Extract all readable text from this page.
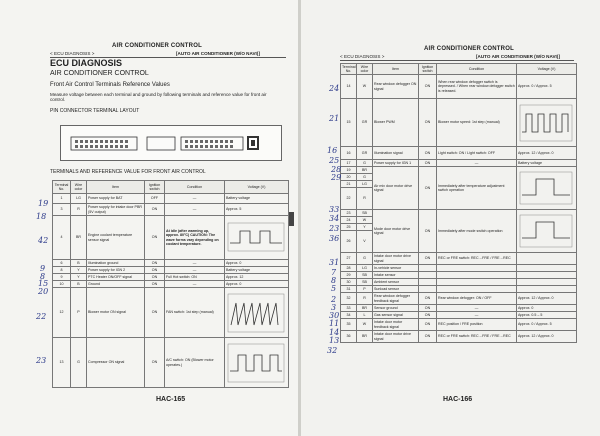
AIR CONDITIONER CONTROL
< ECU DIAGNOSIS >	[AUTO AIR CONDITIONER (W/O NAVI)]
ECU DIAGNOSIS
AIR CONDITIONER CONTROL
Front Air Control Terminals Reference Values
Measure voltage between each terminal and ground by following terminals and reference value for front air control.
PIN CONNECTOR TERMINAL LAYOUT
TERMINALS AND REFERENCE VALUE FOR FRONT AIR CONTROL
Terminal No.	Wire color	Item	Ignition switch	Condition	Voltage (V)
1	LG	Power supply for BAT	OFF	—	Battery voltage
3	R	Power supply for intake door PBR (5V output)	ON	—	Approx. 5
4	BR	Engine coolant temperature sensor signal	ON	At idle (after warming up, approx. 80°C) CAUTION: The wave forms vary depending on coolant temperature.	

6	B	Illumination ground	ON	—	Approx. 0
8	Y	Power supply for IGN 2	ON	—	Battery voltage
9	Y	PTC Heater ON/OFF signal	ON	Full Hot switch: ON	Approx. 12
10	B	Ground	ON	—	Approx. 0
12	P	Blower motor ON signal	ON	FAN switch: 1st step (manual)	

13	G	Compressor ON signal	ON	A/C switch: ON (Blower motor operates.)	
19
18
42
9
8
15
20
22
23
HAC-165
AIR CONDITIONER CONTROL
< ECU DIAGNOSIS >	[AUTO AIR CONDITIONER (W/O NAVI)]
Terminal No.	Wire color	Item	Ignition switch	Condition	Voltage (V)
14	W	Rear window defogger ON signal	ON	When rear window defogger switch is depressed. / When rear window defogger switch is released.	Approx. 0 / Approx. 5
15	GR	Blower PWM	ON	Blower motor speed: 1st step (manual)	

16	GR	Illumination signal	ON	Light switch: ON / Light switch: OFF	Approx. 12 / Approx. 0
17	G	Power supply for IGN 1	ON	—	Battery voltage
19	BR	Air mix door motor drive signal	ON	Immediately after temperature adjustment switch operation	

20	G				
21	LG				
22	R				
23	SB	Mode door motor drive signal	ON	Immediately after mode switch operation	

24	W				
25	Y				
26	V				
27	G	Intake door motor drive signal	ON	REC or FRE switch: REC→FRE / FRE→REC	
28	LG	In-vehicle sensor			
29	SB	Intake sensor			
30	SB	Ambient sensor			
31	P	Sunload sensor			
32	R	Rear window defogger feedback signal	ON	Rear window defogger: ON / OFF	Approx. 12 / Approx. 0
33	BR	Sensor ground	ON	—	Approx. 0
34	L	Gas sensor signal	ON	—	Approx. 0.5 – 5
35	W	Intake door motor feedback signal	ON	REC position / FRE position	Approx. 0 / Approx. 5
36	BR	Intake door motor drive signal	ON	REC or FRE switch: REC→FRE / FRE→REC	Approx. 12 / Approx. 0
24
21
16
25
28
29
33
34
23
36
31
7
8
5
2
3
30
11
14
13
32
HAC-166
